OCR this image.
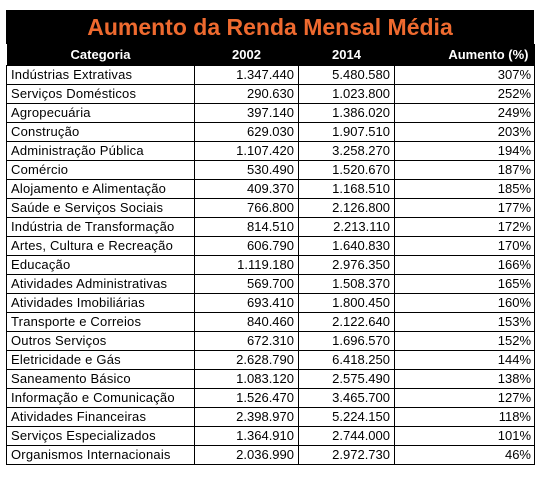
Aumento da Renda Mensal Média
Categoria	2002	2014	Aumento (%)
Indústrias Extrativas	1.347.440	5.480.580	307%
Serviços Domésticos	290.630	1.023.800	252%
Agropecuária	397.140	1.386.020	249%
Construção	629.030	1.907.510	203%
Administração Pública	1.107.420	3.258.270	194%
Comércio	530.490	1.520.670	187%
Alojamento e Alimentação	409.370	1.168.510	185%
Saúde e Serviços Sociais	766.800	2.126.800	177%
Indústria de Transformação	814.510	2.213.110	172%
Artes, Cultura e Recreação	606.790	1.640.830	170%
Educação	1.119.180	2.976.350	166%
Atividades Administrativas	569.700	1.508.370	165%
Atividades Imobiliárias	693.410	1.800.450	160%
Transporte e Correios	840.460	2.122.640	153%
Outros Serviços	672.310	1.696.570	152%
Eletricidade e Gás	2.628.790	6.418.250	144%
Saneamento Básico	1.083.120	2.575.490	138%
Informação e Comunicação	1.526.470	3.465.700	127%
Atividades Financeiras	2.398.970	5.224.150	118%
Serviços Especializados	1.364.910	2.744.000	101%
Organismos Internacionais	2.036.990	2.972.730	46%
